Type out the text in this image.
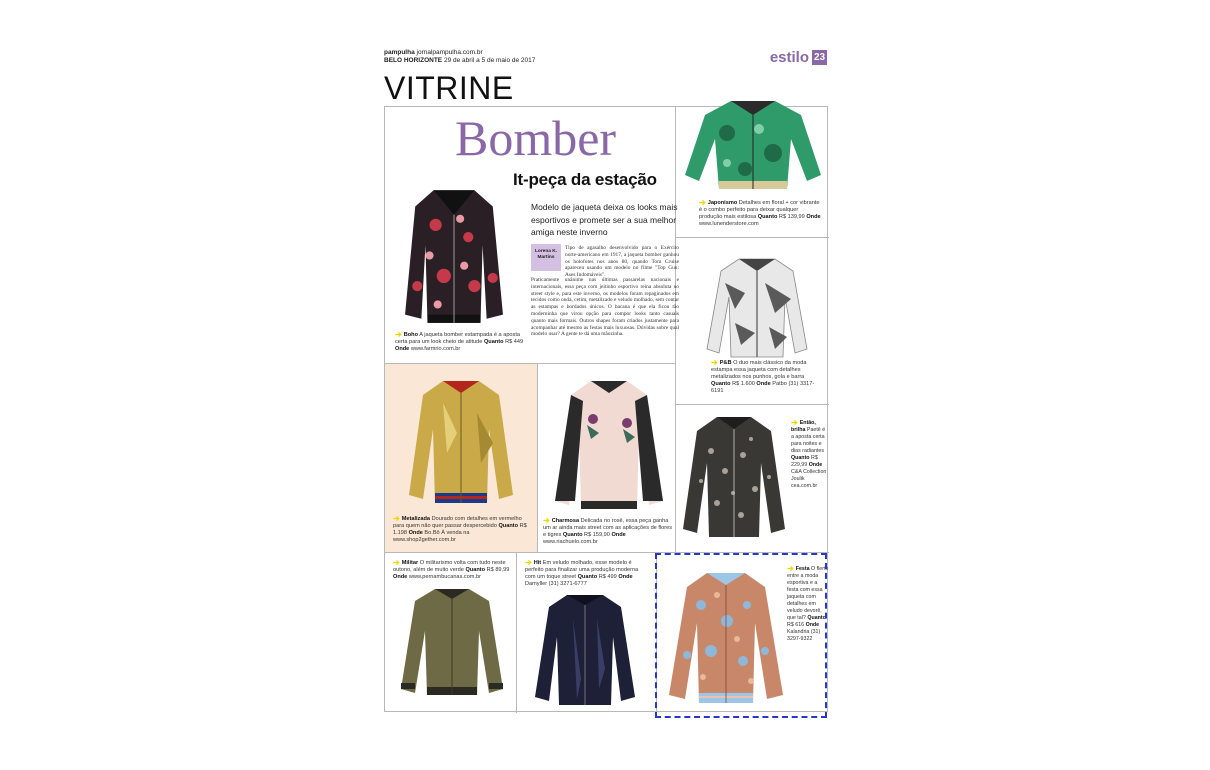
pampulha jornalpampulha.com.br
BELO HORIZONTE 29 de abril a 5 de maio de 2017	estilo 23
VITRINE
Bomber
It-peça da estação
Modelo de jaqueta deixa os looks mais esportivos e promete ser a sua melhor amiga neste inverno
Lorena K. Martins
Tipo de agasalho desenvolvido para o Exército norte-americano em 1917, a jaqueta bomber ganhou os holofotes nos anos 80, quando Tom Cruise apareceu usando um modelo no filme "Top Gun: Ases Indomáveis".
Praticamente unânime nas últimas passarelas nacionais e internacionais, essa peça com jeitinho esportivo reina absoluta no street style e, para este inverno, os modelos foram repaginados em tecidos como onda, cetim, metalizado e veludo molhado, sem contar as estampas e bordados únicos. O bacana é que ela ficou tão moderninha que virou opção para compor looks tanto casuais quanto mais formais. Outros shapes foram criados justamente para acompanhar até mesmo as festas mais luxuosas. Dúvidas sobre qual modelo usar? A gente te dá uma mãozinha.
➔ Boho A jaqueta bomber estampada é a aposta certa para um look cheio de atitude Quanto R$ 449 Onde www.farmrio.com.br
➔ Japonismo Detalhes em floral + cor vibrante é o combo perfeito para deixar qualquer produção mais estilosa Quanto R$ 139,99 Onde www.lunenderstore.com
➔ P&B O duo mais clássico da moda estampa essa jaqueta com detalhes metalizados nos punhos, gola e barra Quanto R$ 1.600 Onde Patbo (31) 3317-6191
➔ Metalizada Dourado com detalhes em vermelho para quem não quer passar despercebido Quanto R$ 1.198 Onde Bo.Bô À venda na www.shop2gether.com.br
➔ Charmosa Delicada no rosê, essa peça ganha um ar ainda mais street com as aplicações de flores e tigres Quanto R$ 159,90 Onde www.riachuelo.com.br
➔ Então, brilha Paetê é a aposta certa para noites e dias radiantes Quanto R$ 229,99 Onde C&A Collection Joulik cea.com.br
➔ Militar O militarismo volta com tudo neste outono, além de muito verde Quanto R$ 89,99 Onde www.pernambucanas.com.br
➔ Hit Em veludo molhado, esse modelo é perfeito para finalizar uma produção moderna com um toque street Quanto R$ 499 Onde Damyller (31) 3271-6777
➔ Festa O flerte entre a moda esportiva e a festa com essa jaqueta com detalhes em veludo devorê, que tal? Quanto R$ 616 Onde Kalandria (31) 3297-9322
